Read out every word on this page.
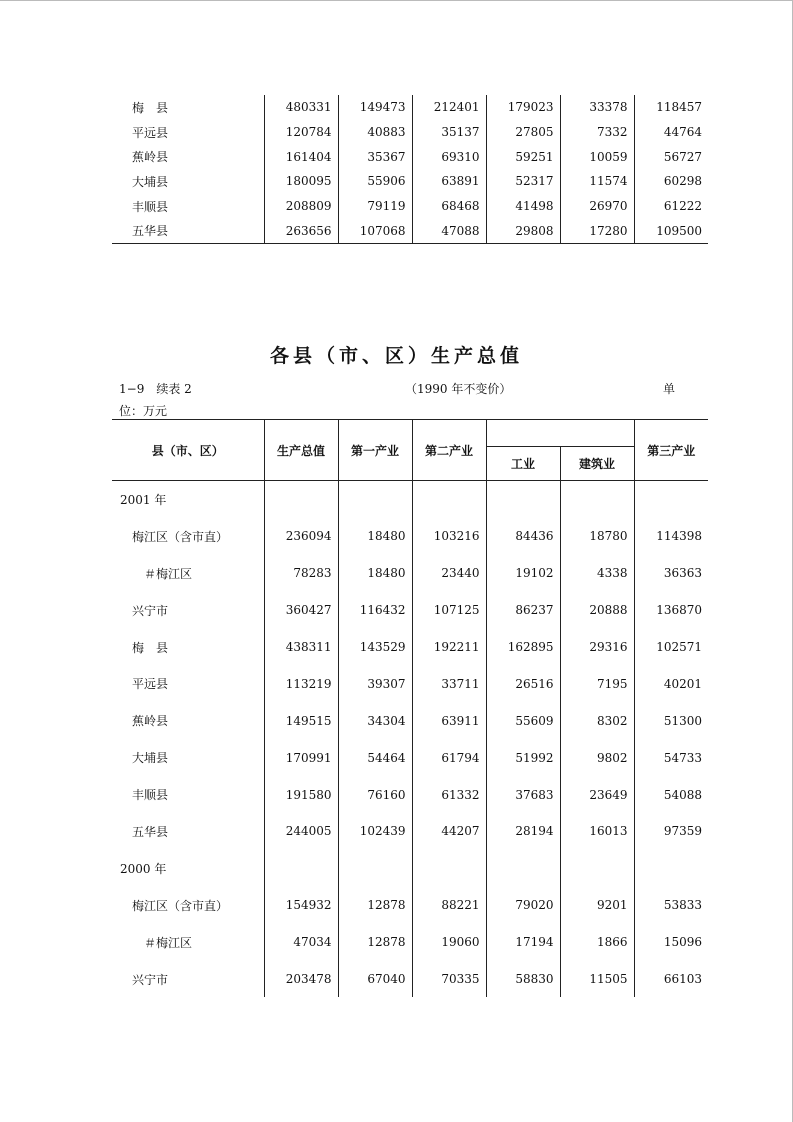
梅　县	480331	149473	212401	179023	33378	118457
平远县	120784	40883	35137	27805	7332	44764
蕉岭县	161404	35367	69310	59251	10059	56727
大埔县	180095	55906	63891	52317	11574	60298
丰顺县	208809	79119	68468	41498	26970	61222
五华县	263656	107068	47088	29808	17280	109500
各县（市、区）生产总值
1−9　续表 2	（1990 年不变价）	单
位：万元
县（市、区）	生产总值	第一产业	第二产业			第三产业
				工业	建筑业	
2001 年						
梅江区（含市直）	236094	18480	103216	84436	18780	114398
＃梅江区	78283	18480	23440	19102	4338	36363
兴宁市	360427	116432	107125	86237	20888	136870
梅　县	438311	143529	192211	162895	29316	102571
平远县	113219	39307	33711	26516	7195	40201
蕉岭县	149515	34304	63911	55609	8302	51300
大埔县	170991	54464	61794	51992	9802	54733
丰顺县	191580	76160	61332	37683	23649	54088
五华县	244005	102439	44207	28194	16013	97359
2000 年						
梅江区（含市直）	154932	12878	88221	79020	9201	53833
＃梅江区	47034	12878	19060	17194	1866	15096
兴宁市	203478	67040	70335	58830	11505	66103
